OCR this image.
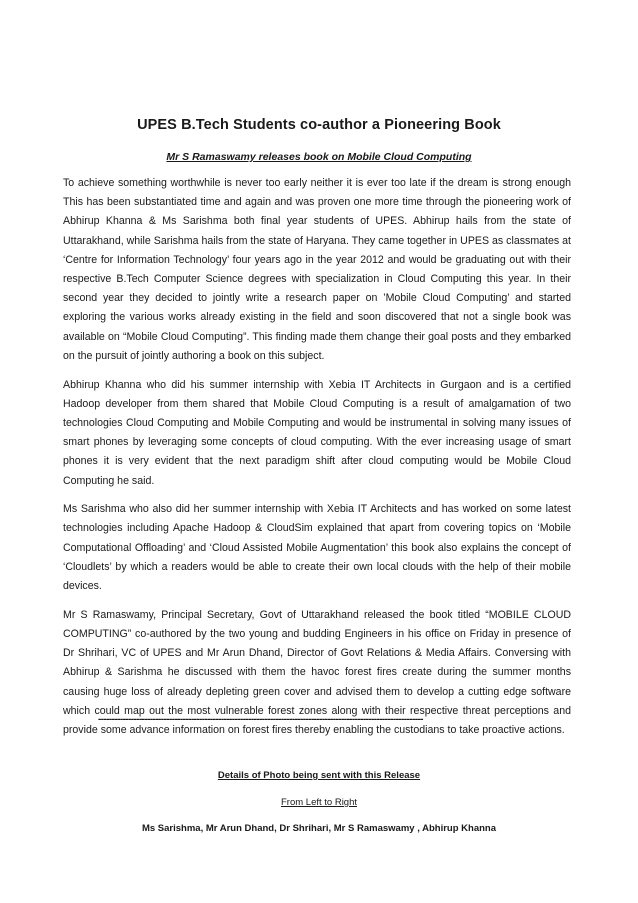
UPES B.Tech Students co-author a Pioneering Book
Mr S Ramaswamy releases book on Mobile Cloud Computing

To achieve something worthwhile is never too early neither it is ever too late if the dream is strong enough This has been substantiated time and again and was proven one more time through the pioneering work of Abhirup Khanna & Ms Sarishma both final year students of UPES. Abhirup hails from the state of Uttarakhand, while Sarishma hails from the state of Haryana. They came together in UPES as classmates at ‘Centre for Information Technology’ four years ago in the year 2012 and would be graduating out with their respective B.Tech Computer Science degrees with specialization in Cloud Computing this year. In their second year they decided to jointly write a research paper on ’Mobile Cloud Computing’ and started exploring the various works already existing in the field and soon discovered that not a single book was available on “Mobile Cloud Computing”. This finding made them change their goal posts and they embarked on the pursuit of jointly authoring a book on this subject.

Abhirup Khanna who did his summer internship with Xebia IT Architects in Gurgaon and is a certified Hadoop developer from them shared that Mobile Cloud Computing is a result of amalgamation of two technologies Cloud Computing and Mobile Computing and would be instrumental in solving many issues of smart phones by leveraging some concepts of cloud computing. With the ever increasing usage of smart phones it is very evident that the next paradigm shift after cloud computing would be Mobile Cloud Computing he said.

Ms Sarishma who also did her summer internship with Xebia IT Architects and has worked on some latest technologies including Apache Hadoop & CloudSim explained that apart from covering topics on ‘Mobile Computational Offloading’ and ‘Cloud Assisted Mobile Augmentation’ this book also explains the concept of ‘Cloudlets’ by which a readers would be able to create their own local clouds with the help of their mobile devices.

Mr S Ramaswamy, Principal Secretary, Govt of Uttarakhand released the book titled “MOBILE CLOUD COMPUTING” co-authored by the two young and budding Engineers in his office on Friday in presence of Dr Shrihari, VC of UPES and Mr Arun Dhand, Director of Govt Relations & Media Affairs. Conversing with Abhirup & Sarishma he discussed with them the havoc forest fires create during the summer months causing huge loss of already depleting green cover and advised them to develop a cutting edge software which could map out the most vulnerable forest zones along with their respective threat perceptions and provide some advance information on forest fires thereby enabling the custodians to take proactive actions.

-----------------------------------------------------------------------------------------------------------------------
Details of Photo being sent with this Release
From Left to Right
Ms Sarishma, Mr Arun Dhand, Dr Shrihari, Mr S Ramaswamy , Abhirup Khanna
